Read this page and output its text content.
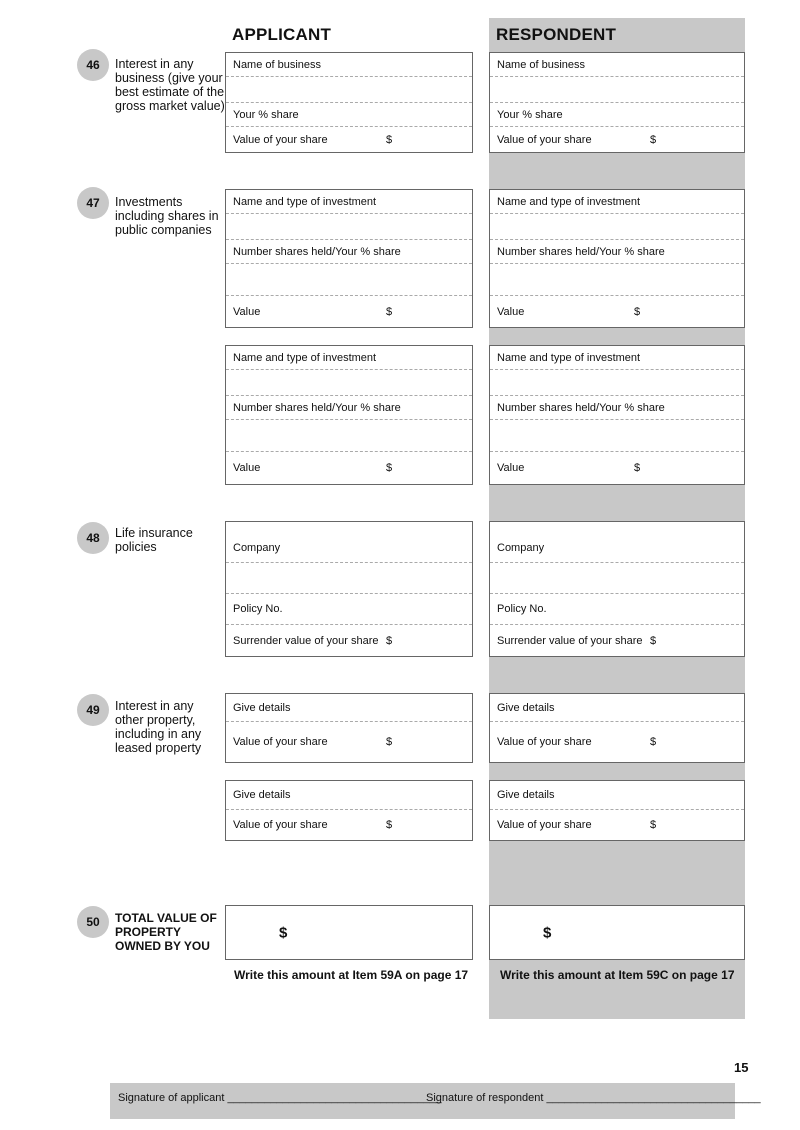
APPLICANT	RESPONDENT
46	Interest in any business (give your best estimate of the gross market value)
Name of business
Your % share
Value of your share	$
Name of business
Your % share
Value of your share	$
47	Investments including shares in public companies
Name and type of investment
Number shares held/Your % share
Value	$
Name and type of investment
Number shares held/Your % share
Value	$
Name and type of investment
Number shares held/Your % share
Value	$
Name and type of investment
Number shares held/Your % share
Value	$
48	Life insurance policies	Company
Policy No.
Surrender value of your share $
Company
Policy No.
Surrender value of your share $
49	Interest in any other property, including in any leased property
Give details
Value of your share	$
Give details
Value of your share	$
Give details
Value of your share	$
Give details
Value of your share	$
50	TOTAL VALUE OF PROPERTY OWNED BY YOU
$	$
Write this amount at Item 59A on page 17	Write this amount at Item 59C on page 17
15
Signature of applicant ___________________________________
Signature of respondent ___________________________________
